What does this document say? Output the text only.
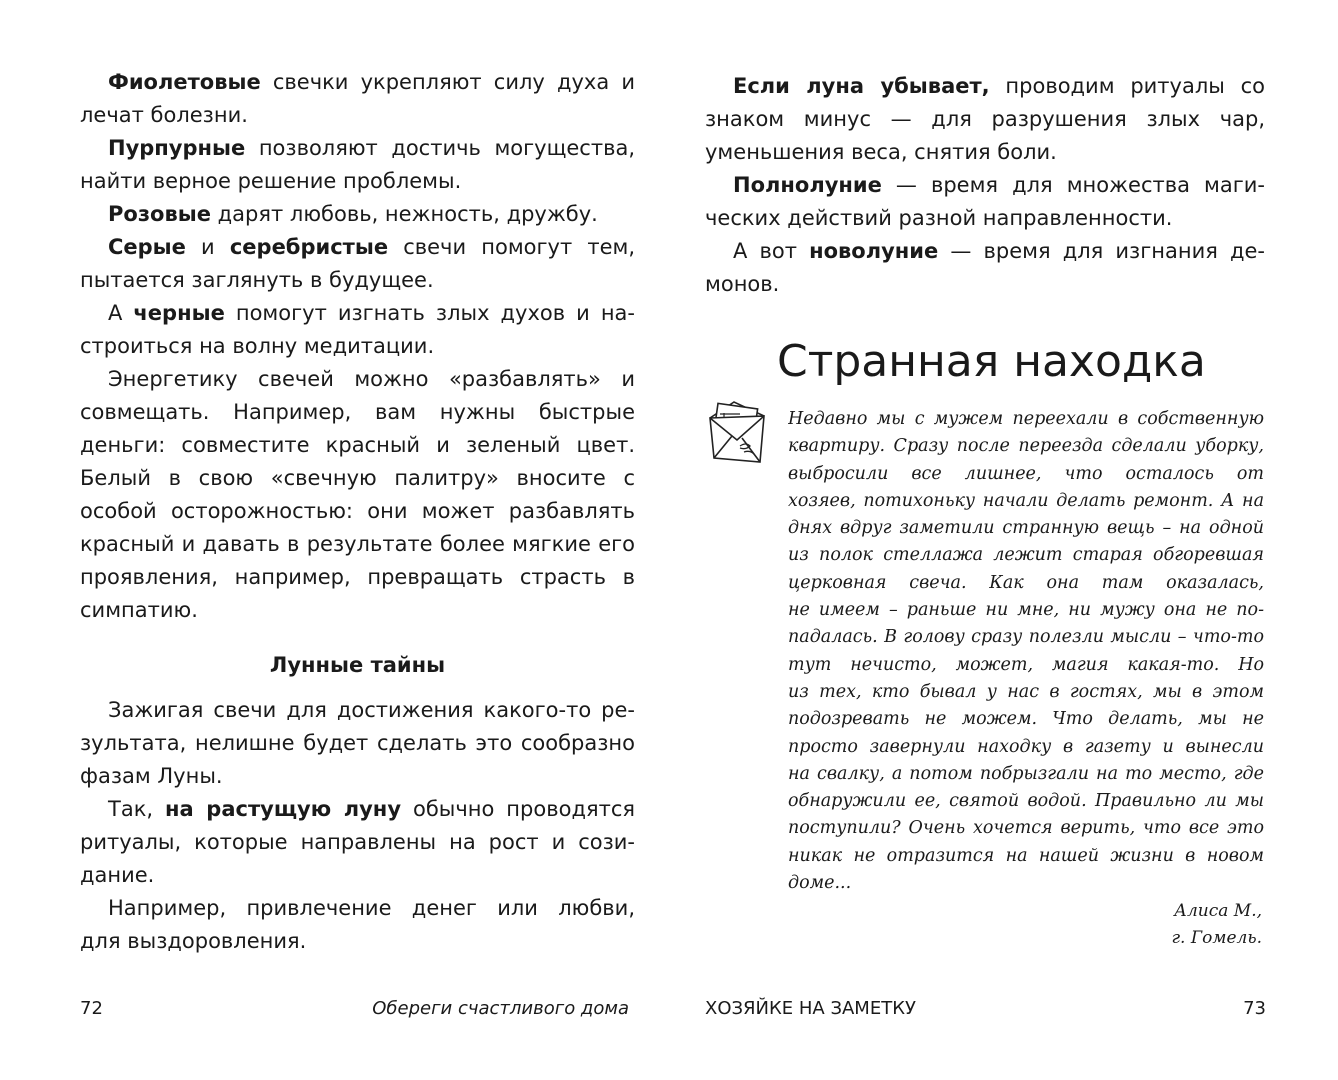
Фиолетовые свечки укрепляют силу духа и
лечат болезни.
Пурпурные позволяют достичь могущества,
найти верное решение проблемы.
Розовые дарят любовь, нежность, дружбу.
Серые и серебристые свечи помогут тем,
пытается заглянуть в будущее.
А черные помогут изгнать злых духов и на-
строиться на волну медитации.
Энергетику свечей можно «разбавлять» и
совмещать. Например, вам нужны быстрые
деньги: совместите красный и зеленый цвет.
Белый в свою «свечную палитру» вносите с
особой осторожностью: они может разбавлять
красный и давать в результате более мягкие его
проявления, например, превращать страсть в
симпатию.
Лунные тайны
Зажигая свечи для достижения какого-то ре-
зультата, нелишне будет сделать это сообразно
фазам Луны.
Так, на растущую луну обычно проводятся
ритуалы, которые направлены на рост и сози-
дание.
Например, привлечение денег или любви,
для выздоровления.
72	Обереги счастливого дома
Если луна убывает, проводим ритуалы со
знаком минус — для разрушения злых чар,
уменьшения веса, снятия боли.
Полнолуние — время для множества маги-
ческих действий разной направленности.
А вот новолуние — время для изгнания де-
монов.
Странная находка
Недавно мы с мужем переехали в собственную
квартиру. Сразу после переезда сделали уборку,
выбросили все лишнее, что осталось от
хозяев, потихоньку начали делать ремонт. А на
днях вдруг заметили странную вещь – на одной
из полок стеллажа лежит старая обгоревшая
церковная свеча. Как она там оказалась,
не имеем – раньше ни мне, ни мужу она не по-
падалась. В голову сразу полезли мысли – что-то
тут нечисто, может, магия какая-то. Но
из тех, кто бывал у нас в гостях, мы в этом
подозревать не можем. Что делать, мы не
просто завернули находку в газету и вынесли
на свалку, а потом побрызгали на то место, где
обнаружили ее, святой водой. Правильно ли мы
поступили? Очень хочется верить, что все это
никак не отразится на нашей жизни в новом
доме...
Алиса М.,
г. Гомель.
ХОЗЯЙКЕ НА ЗАМЕТКУ	73
